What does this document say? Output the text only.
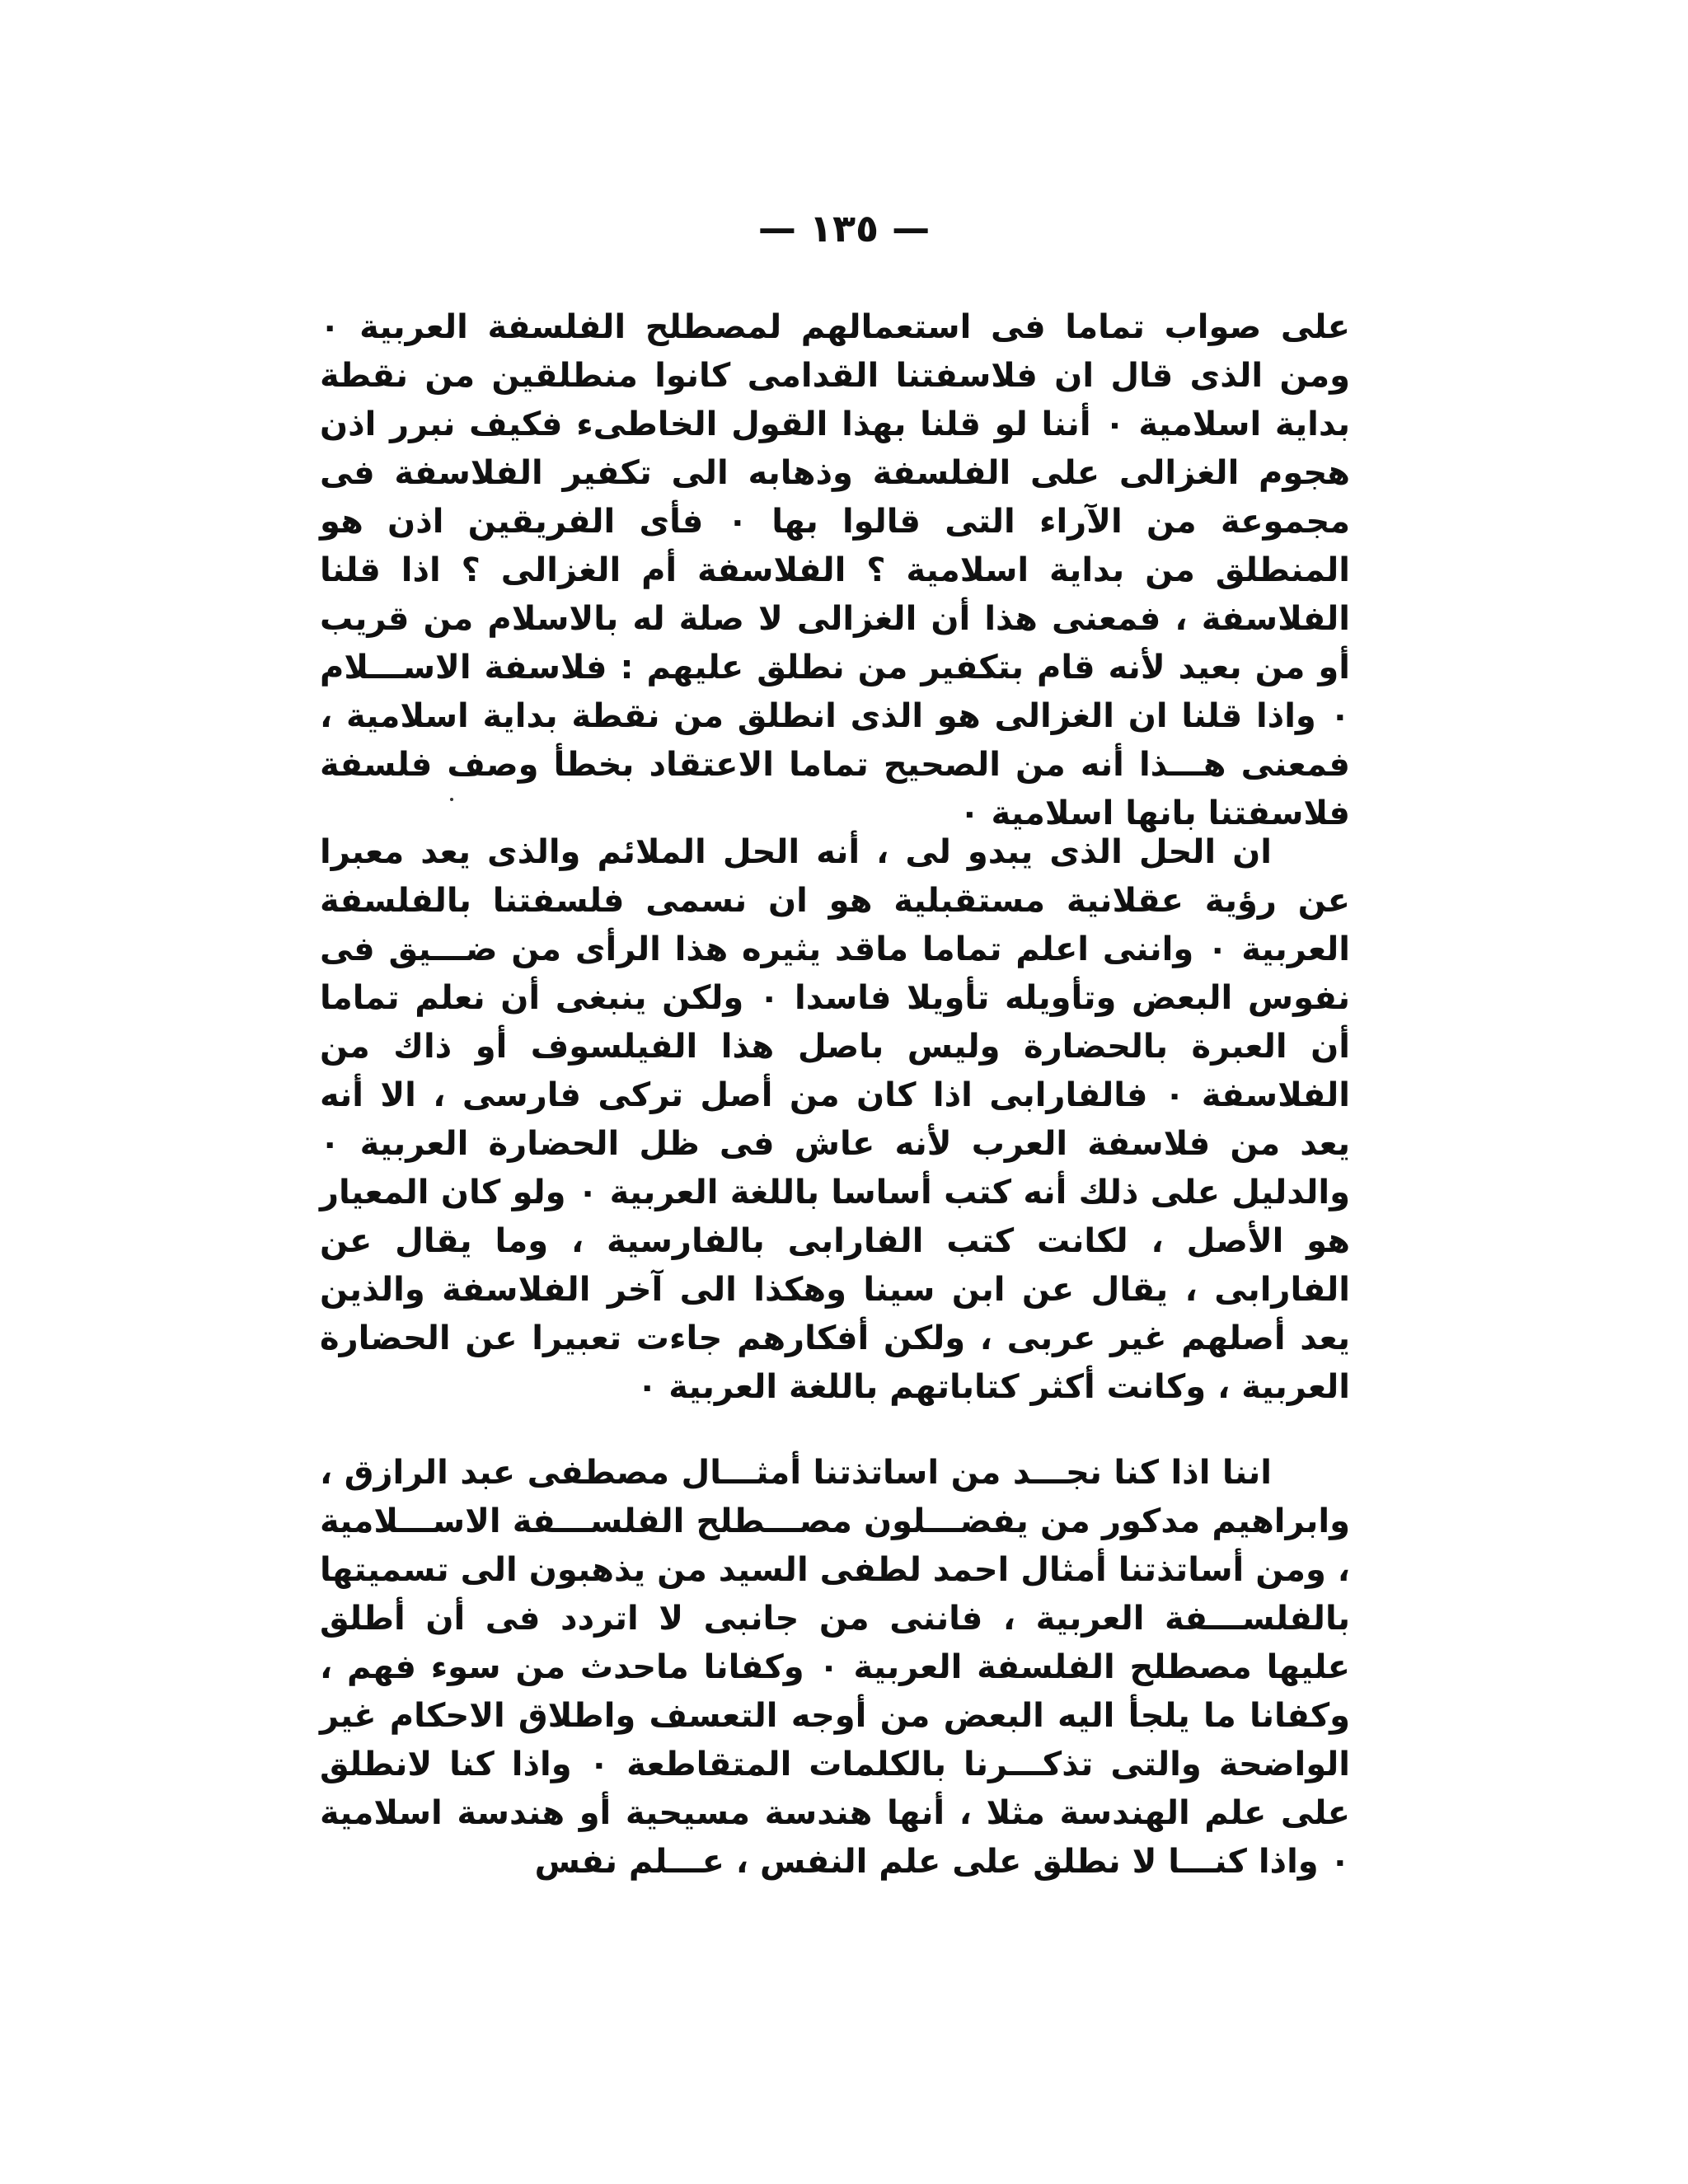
— ١٣٥ —

على صواب تماما فى استعمالهم لمصطلح الفلسفة العربية ٠ ومن الذى قال ان فلاسفتنا القدامى كانوا منطلقين من نقطة بداية اسلامية ٠ أننا لو قلنا بهذا القول الخاطىء فكيف نبرر اذن هجوم الغزالى على الفلسفة وذهابه الى تكفير الفلاسفة فى مجموعة من الآراء التى قالوا بها ٠ فأى الفريقين اذن هو المنطلق من بداية اسلامية ؟ الفلاسفة أم الغزالى ؟ اذا قلنا الفلاسفة ، فمعنى هذا أن الغزالى لا صلة له بالاسلام من قريب أو من بعيد لأنه قام بتكفير من نطلق عليهم : فلاسفة الاســـلام ٠ واذا قلنا ان الغزالى هو الذى انطلق من نقطة بداية اسلامية ، فمعنى هـــذا أنه من الصحيح تماما الاعتقاد بخطأ وصف فلسفة فلاسفتنا بانها اسلامية ٠

ان الحل الذى يبدو لى ، أنه الحل الملائم والذى يعد معبرا عن رؤية عقلانية مستقبلية هو ان نسمى فلسفتنا بالفلسفة العربية ٠ واننى اعلم تماما ماقد يثيره هذا الرأى من ضـــيق فى نفوس البعض وتأويله تأويلا فاسدا ٠ ولكن ينبغى أن نعلم تماما أن العبرة بالحضارة وليس باصل هذا الفيلسوف أو ذاك من الفلاسفة ٠ فالفارابى اذا كان من أصل تركى فارسى ، الا أنه يعد من فلاسفة العرب لأنه عاش فى ظل الحضارة العربية ٠ والدليل على ذلك أنه كتب أساسا باللغة العربية ٠ ولو كان المعيار هو الأصل ، لكانت كتب الفارابى بالفارسية ، وما يقال عن الفارابى ، يقال عن ابن سينا وهكذا الى آخر الفلاسفة والذين يعد أصلهم غير عربى ، ولكن أفكارهم جاءت تعبيرا عن الحضارة العربية ، وكانت أكثر كتاباتهم باللغة العربية ٠

اننا اذا كنا نجـــد من اساتذتنا أمثـــال مصطفى عبد الرازق ، وابراهيم مدكور من يفضـــلون مصـــطلح الفلســـفة الاســـلامية ، ومن أساتذتنا أمثال احمد لطفى السيد من يذهبون الى تسميتها بالفلســـفة العربية ، فاننى من جانبى لا اتردد فى أن أطلق عليها مصطلح الفلسفة العربية ٠ وكفانا ماحدث من سوء فهم ، وكفانا ما يلجأ اليه البعض من أوجه التعسف واطلاق الاحكام غير الواضحة والتى تذكـــرنا بالكلمات المتقاطعة ٠ واذا كنا لانطلق على علم الهندسة مثلا ، أنها هندسة مسيحية أو هندسة اسلامية ٠ واذا كنـــا لا نطلق على علم النفس ، عـــلم نفس
